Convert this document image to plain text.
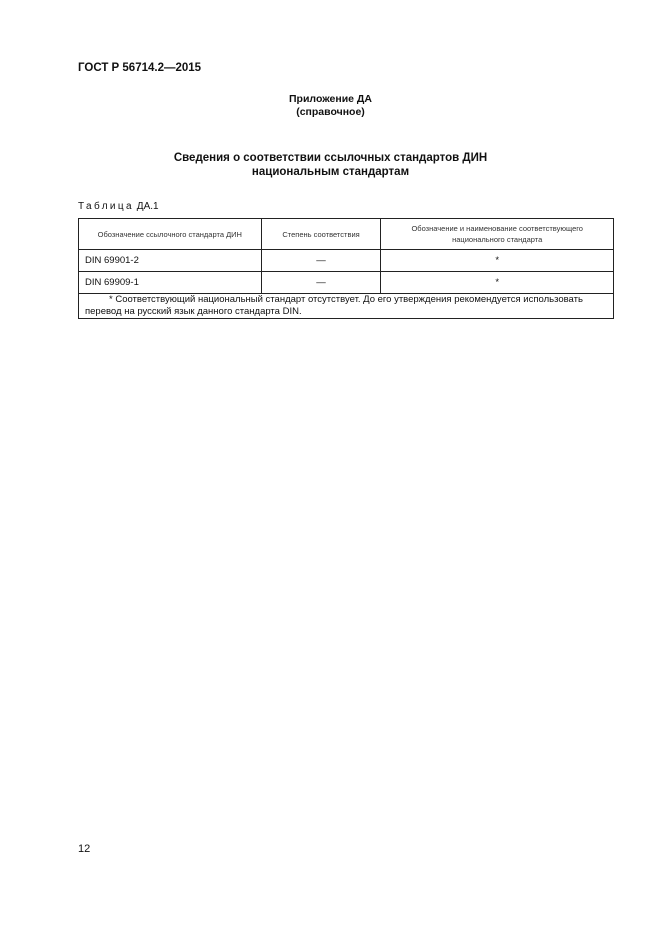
ГОСТ Р 56714.2—2015
Приложение ДА
(справочное)
Сведения о соответствии ссылочных стандартов ДИН
национальным стандартам
Таблица ДА.1
Обозначение ссылочного стандарта ДИН	Степень соответствия	Обозначение и наименование соответствующего национального стандарта
DIN 69901-2	—	*
DIN 69909-1	—	*
* Соответствующий национальный стандарт отсутствует. До его утверждения рекомендуется использовать перевод на русский язык данного стандарта DIN.		
12
